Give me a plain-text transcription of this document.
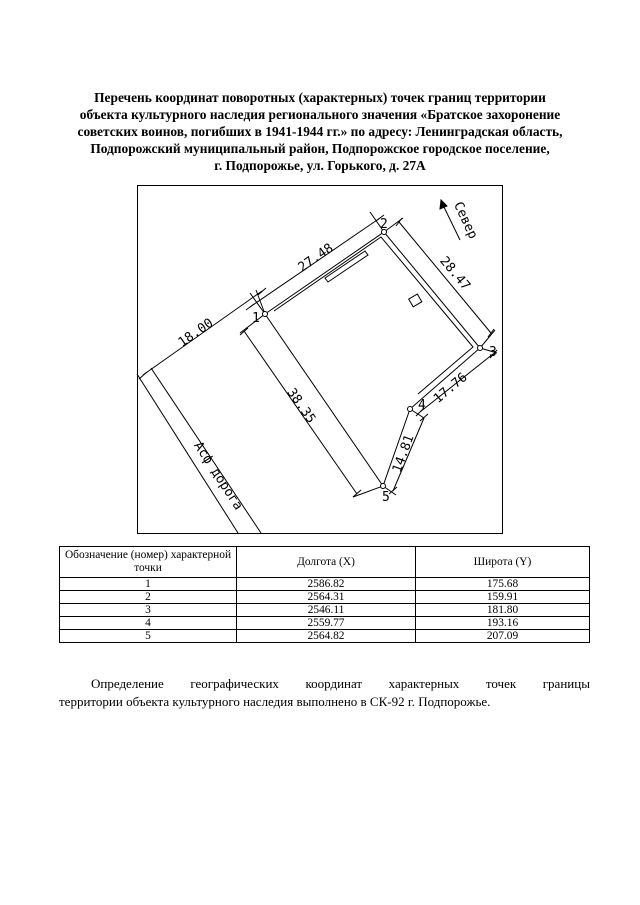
Перечень координат поворотных (характерных) точек границ территории
объекта культурного наследия регионального значения «Братское захоронение
советских воинов, погибших в 1941-1944 гг.» по адресу: Ленинградская область,
Подпорожский муниципальный район, Подпорожское городское поселение,
г. Подпорожье, ул. Горького, д. 27А
1
2
3
4
5
27.48	28.47
17.76
14.81
38.35
18.00
Асф дорога
Север
Обозначение (номер) характерной точки	Долгота (X)	Широта (Y)
1	2586.82	175.68
2	2564.31	159.91
3	2546.11	181.80
4	2559.77	193.16
5	2564.82	207.09
Определение географических координат характерных точек границы
территории объекта культурного наследия выполнено в СК-92 г. Подпорожье.
